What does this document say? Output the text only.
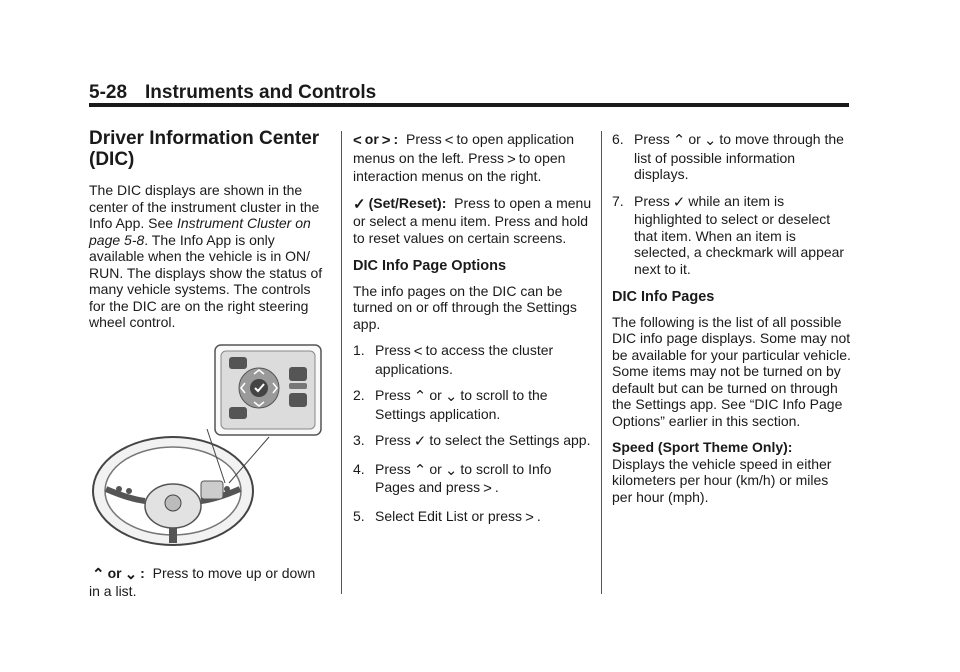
5-28 Instruments and Controls
Driver Information Center (DIC)

The DIC displays are shown in the center of the instrument cluster in the Info App. See Instrument Cluster on page 5-8. The Info App is only available when the vehicle is in ON/ RUN. The displays show the status of many vehicle systems. The controls for the DIC are on the right steering wheel control.

⌃ or ⌄ : Press to move up or down in a list.

< or > : Press < to open application menus on the left. Press > to open interaction menus on the right.

✓ (Set/Reset): Press to open a menu or select a menu item. Press and hold to reset values on certain screens.

DIC Info Page Options

The info pages on the DIC can be turned on or off through the Settings app.

1. Press < to access the cluster applications.
2. Press ⌃ or ⌄ to scroll to the Settings application.
3. Press ✓ to select the Settings app.
4. Press ⌃ or ⌄ to scroll to Info Pages and press > .
5. Select Edit List or press > .
6. Press ⌃ or ⌄ to move through the list of possible information displays.
7. Press ✓ while an item is highlighted to select or deselect that item. When an item is selected, a checkmark will appear next to it.
DIC Info Pages

The following is the list of all possible DIC info page displays. Some may not be available for your particular vehicle. Some items may not be turned on by default but can be turned on through the Settings app. See “DIC Info Page Options” earlier in this section.

Speed (Sport Theme Only):
Displays the vehicle speed in either kilometers per hour (km/h) or miles per hour (mph).
